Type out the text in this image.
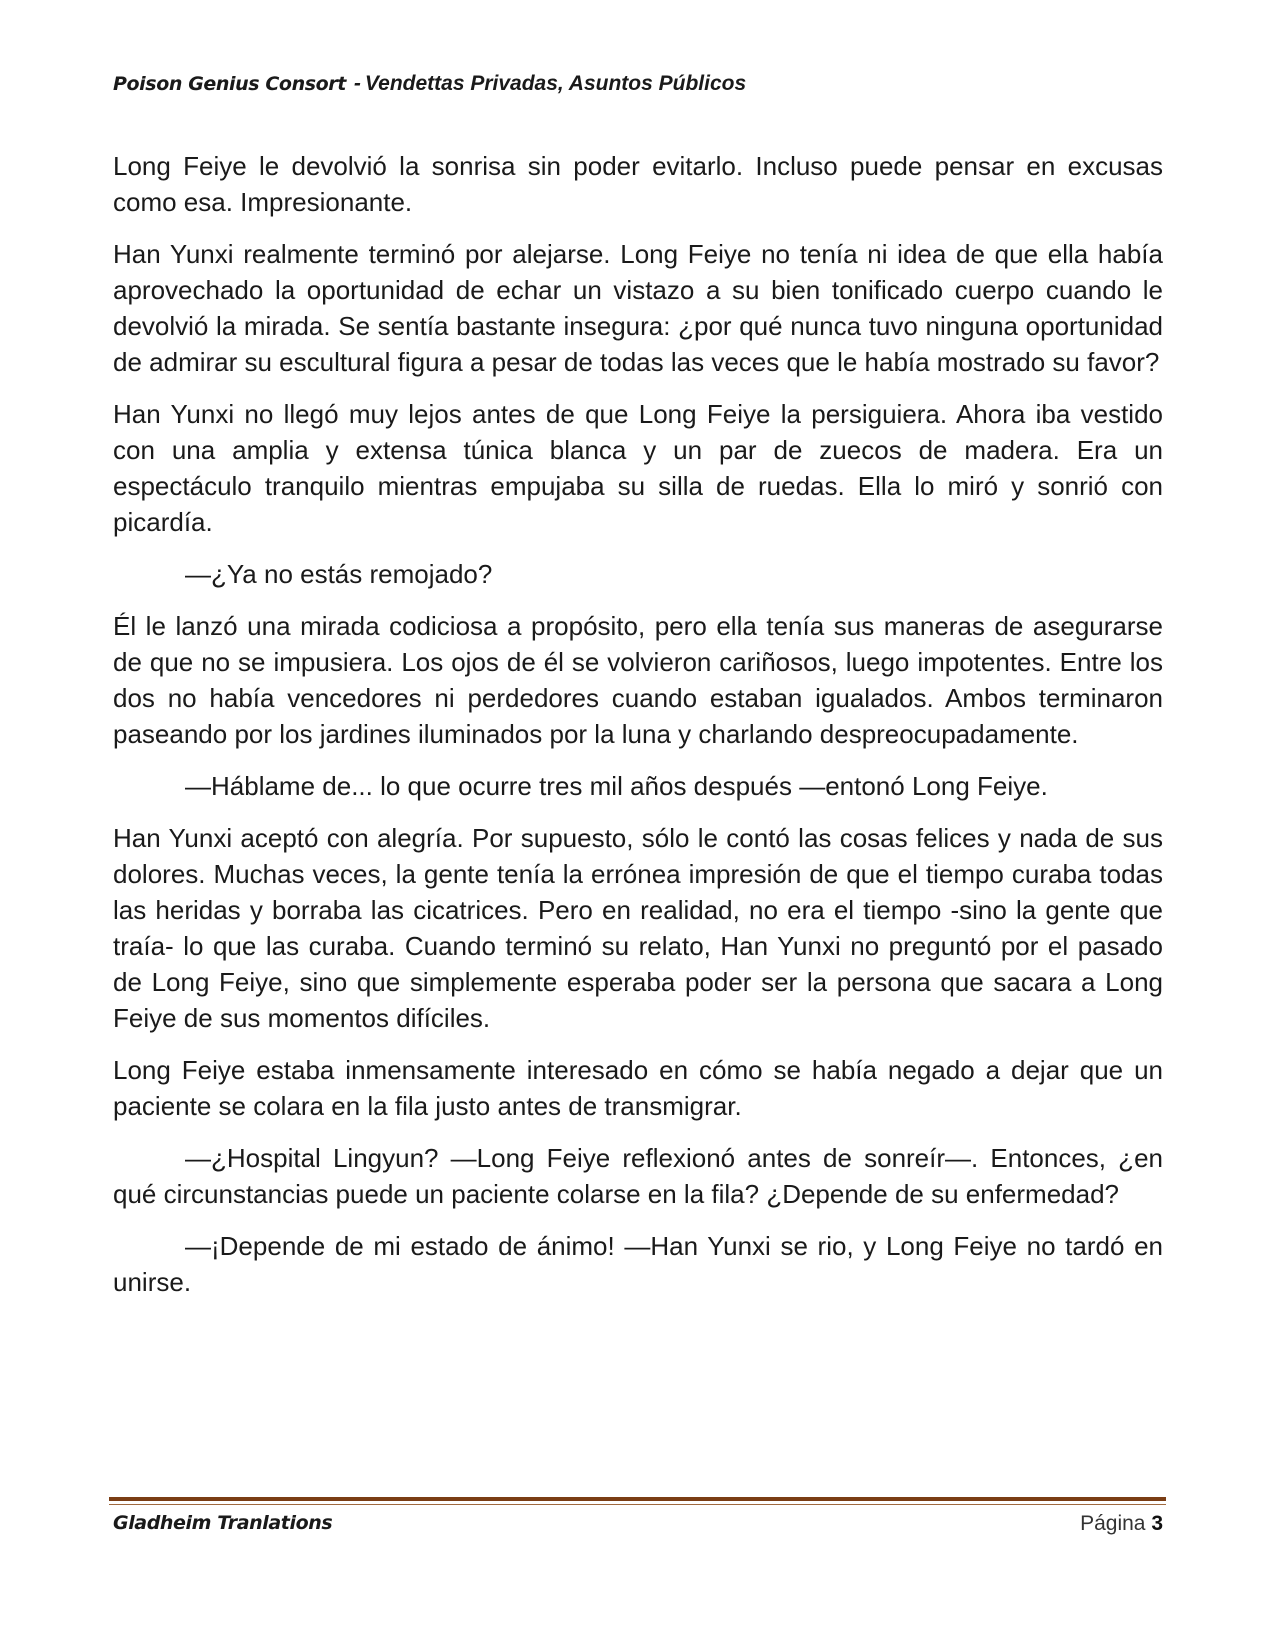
Poison Genius Consort - Vendettas Privadas, Asuntos Públicos

Long Feiye le devolvió la sonrisa sin poder evitarlo. Incluso puede pensar en excusas como esa. Impresionante.

Han Yunxi realmente terminó por alejarse. Long Feiye no tenía ni idea de que ella había aprovechado la oportunidad de echar un vistazo a su bien tonificado cuerpo cuando le devolvió la mirada. Se sentía bastante insegura: ¿por qué nunca tuvo ninguna oportunidad de admirar su escultural figura a pesar de todas las veces que le había mostrado su favor?

Han Yunxi no llegó muy lejos antes de que Long Feiye la persiguiera. Ahora iba vestido con una amplia y extensa túnica blanca y un par de zuecos de madera. Era un espectáculo tranquilo mientras empujaba su silla de ruedas. Ella lo miró y sonrió con picardía.

—¿Ya no estás remojado?

Él le lanzó una mirada codiciosa a propósito, pero ella tenía sus maneras de asegurarse de que no se impusiera. Los ojos de él se volvieron cariñosos, luego impotentes. Entre los dos no había vencedores ni perdedores cuando estaban igualados. Ambos terminaron paseando por los jardines iluminados por la luna y charlando despreocupadamente.

—Háblame de... lo que ocurre tres mil años después —entonó Long Feiye.

Han Yunxi aceptó con alegría. Por supuesto, sólo le contó las cosas felices y nada de sus dolores. Muchas veces, la gente tenía la errónea impresión de que el tiempo curaba todas las heridas y borraba las cicatrices. Pero en realidad, no era el tiempo -sino la gente que traía- lo que las curaba. Cuando terminó su relato, Han Yunxi no preguntó por el pasado de Long Feiye, sino que simplemente esperaba poder ser la persona que sacara a Long Feiye de sus momentos difíciles.

Long Feiye estaba inmensamente interesado en cómo se había negado a dejar que un paciente se colara en la fila justo antes de transmigrar.

—¿Hospital Lingyun? —Long Feiye reflexionó antes de sonreír—. Entonces, ¿en qué circunstancias puede un paciente colarse en la fila? ¿Depende de su enfermedad?

—¡Depende de mi estado de ánimo! —Han Yunxi se rio, y Long Feiye no tardó en unirse.

Gladheim Tranlations	Página 3
